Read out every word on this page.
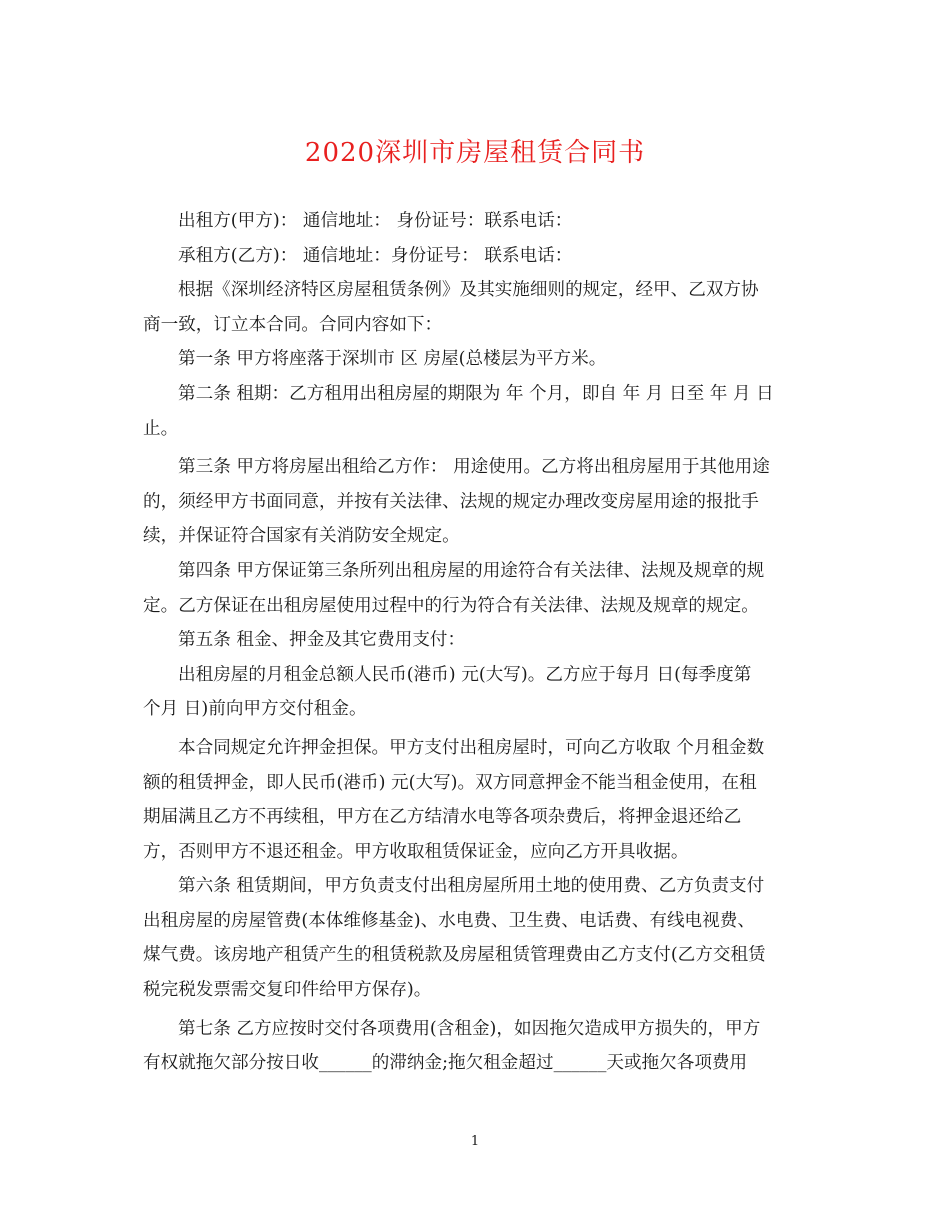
2020深圳市房屋租赁合同书

出租方(甲方)： 通信地址： 身份证号：联系电话：

承租方(乙方)： 通信地址：身份证号： 联系电话：

根据《深圳经济特区房屋租赁条例》及其实施细则的规定，经甲、乙双方协

商一致，订立本合同。合同内容如下：

第一条 甲方将座落于深圳市 区 房屋(总楼层为平方米。

第二条 租期：乙方租用出租房屋的期限为 年 个月，即自 年 月 日至 年 月 日

止。

第三条 甲方将房屋出租给乙方作： 用途使用。乙方将出租房屋用于其他用途

的，须经甲方书面同意，并按有关法律、法规的规定办理改变房屋用途的报批手

续，并保证符合国家有关消防安全规定。

第四条 甲方保证第三条所列出租房屋的用途符合有关法律、法规及规章的规

定。乙方保证在出租房屋使用过程中的行为符合有关法律、法规及规章的规定。

第五条 租金、押金及其它费用支付：

出租房屋的月租金总额人民币(港币) 元(大写)。乙方应于每月 日(每季度第

个月 日)前向甲方交付租金。

本合同规定允许押金担保。甲方支付出租房屋时，可向乙方收取 个月租金数

额的租赁押金，即人民币(港币) 元(大写)。双方同意押金不能当租金使用，在租

期届满且乙方不再续租，甲方在乙方结清水电等各项杂费后，将押金退还给乙

方，否则甲方不退还租金。甲方收取租赁保证金，应向乙方开具收据。

第六条 租赁期间，甲方负责支付出租房屋所用土地的使用费、乙方负责支付

出租房屋的房屋管费(本体维修基金)、水电费、卫生费、电话费、有线电视费、

煤气费。该房地产租赁产生的租赁税款及房屋租赁管理费由乙方支付(乙方交租赁

税完税发票需交复印件给甲方保存)。

第七条 乙方应按时交付各项费用(含租金)，如因拖欠造成甲方损失的，甲方

有权就拖欠部分按日收______的滞纳金;拖欠租金超过______天或拖欠各项费用

1
